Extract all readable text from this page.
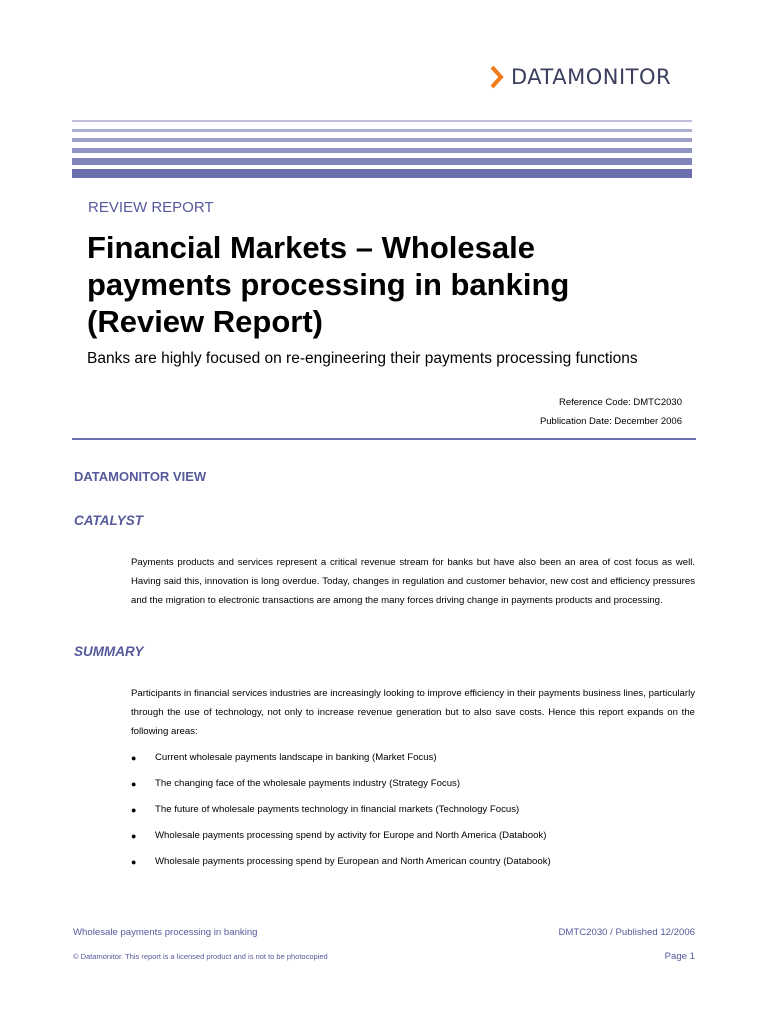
DATAMONITOR
REVIEW REPORT
Financial Markets – Wholesale payments processing in banking (Review Report)
Banks are highly focused on re-engineering their payments processing functions
Reference Code: DMTC2030
Publication Date: December 2006
DATAMONITOR VIEW
CATALYST
Payments products and services represent a critical revenue stream for banks but have also been an area of cost focus as well. Having said this, innovation is long overdue. Today, changes in regulation and customer behavior, new cost and efficiency pressures and the migration to electronic transactions are among the many forces driving change in payments products and processing.
SUMMARY
Participants in financial services industries are increasingly looking to improve efficiency in their payments business lines, particularly through the use of technology, not only to increase revenue generation but to also save costs. Hence this report expands on the following areas:
● Current wholesale payments landscape in banking (Market Focus)
● The changing face of the wholesale payments industry (Strategy Focus)
● The future of wholesale payments technology in financial markets (Technology Focus)
● Wholesale payments processing spend by activity for Europe and North America (Databook)
● Wholesale payments processing spend by European and North American country (Databook)
Wholesale payments processing in banking	DMTC2030 / Published 12/2006
© Datamonitor. This report is a licensed product and is not to be photocopied	Page 1
